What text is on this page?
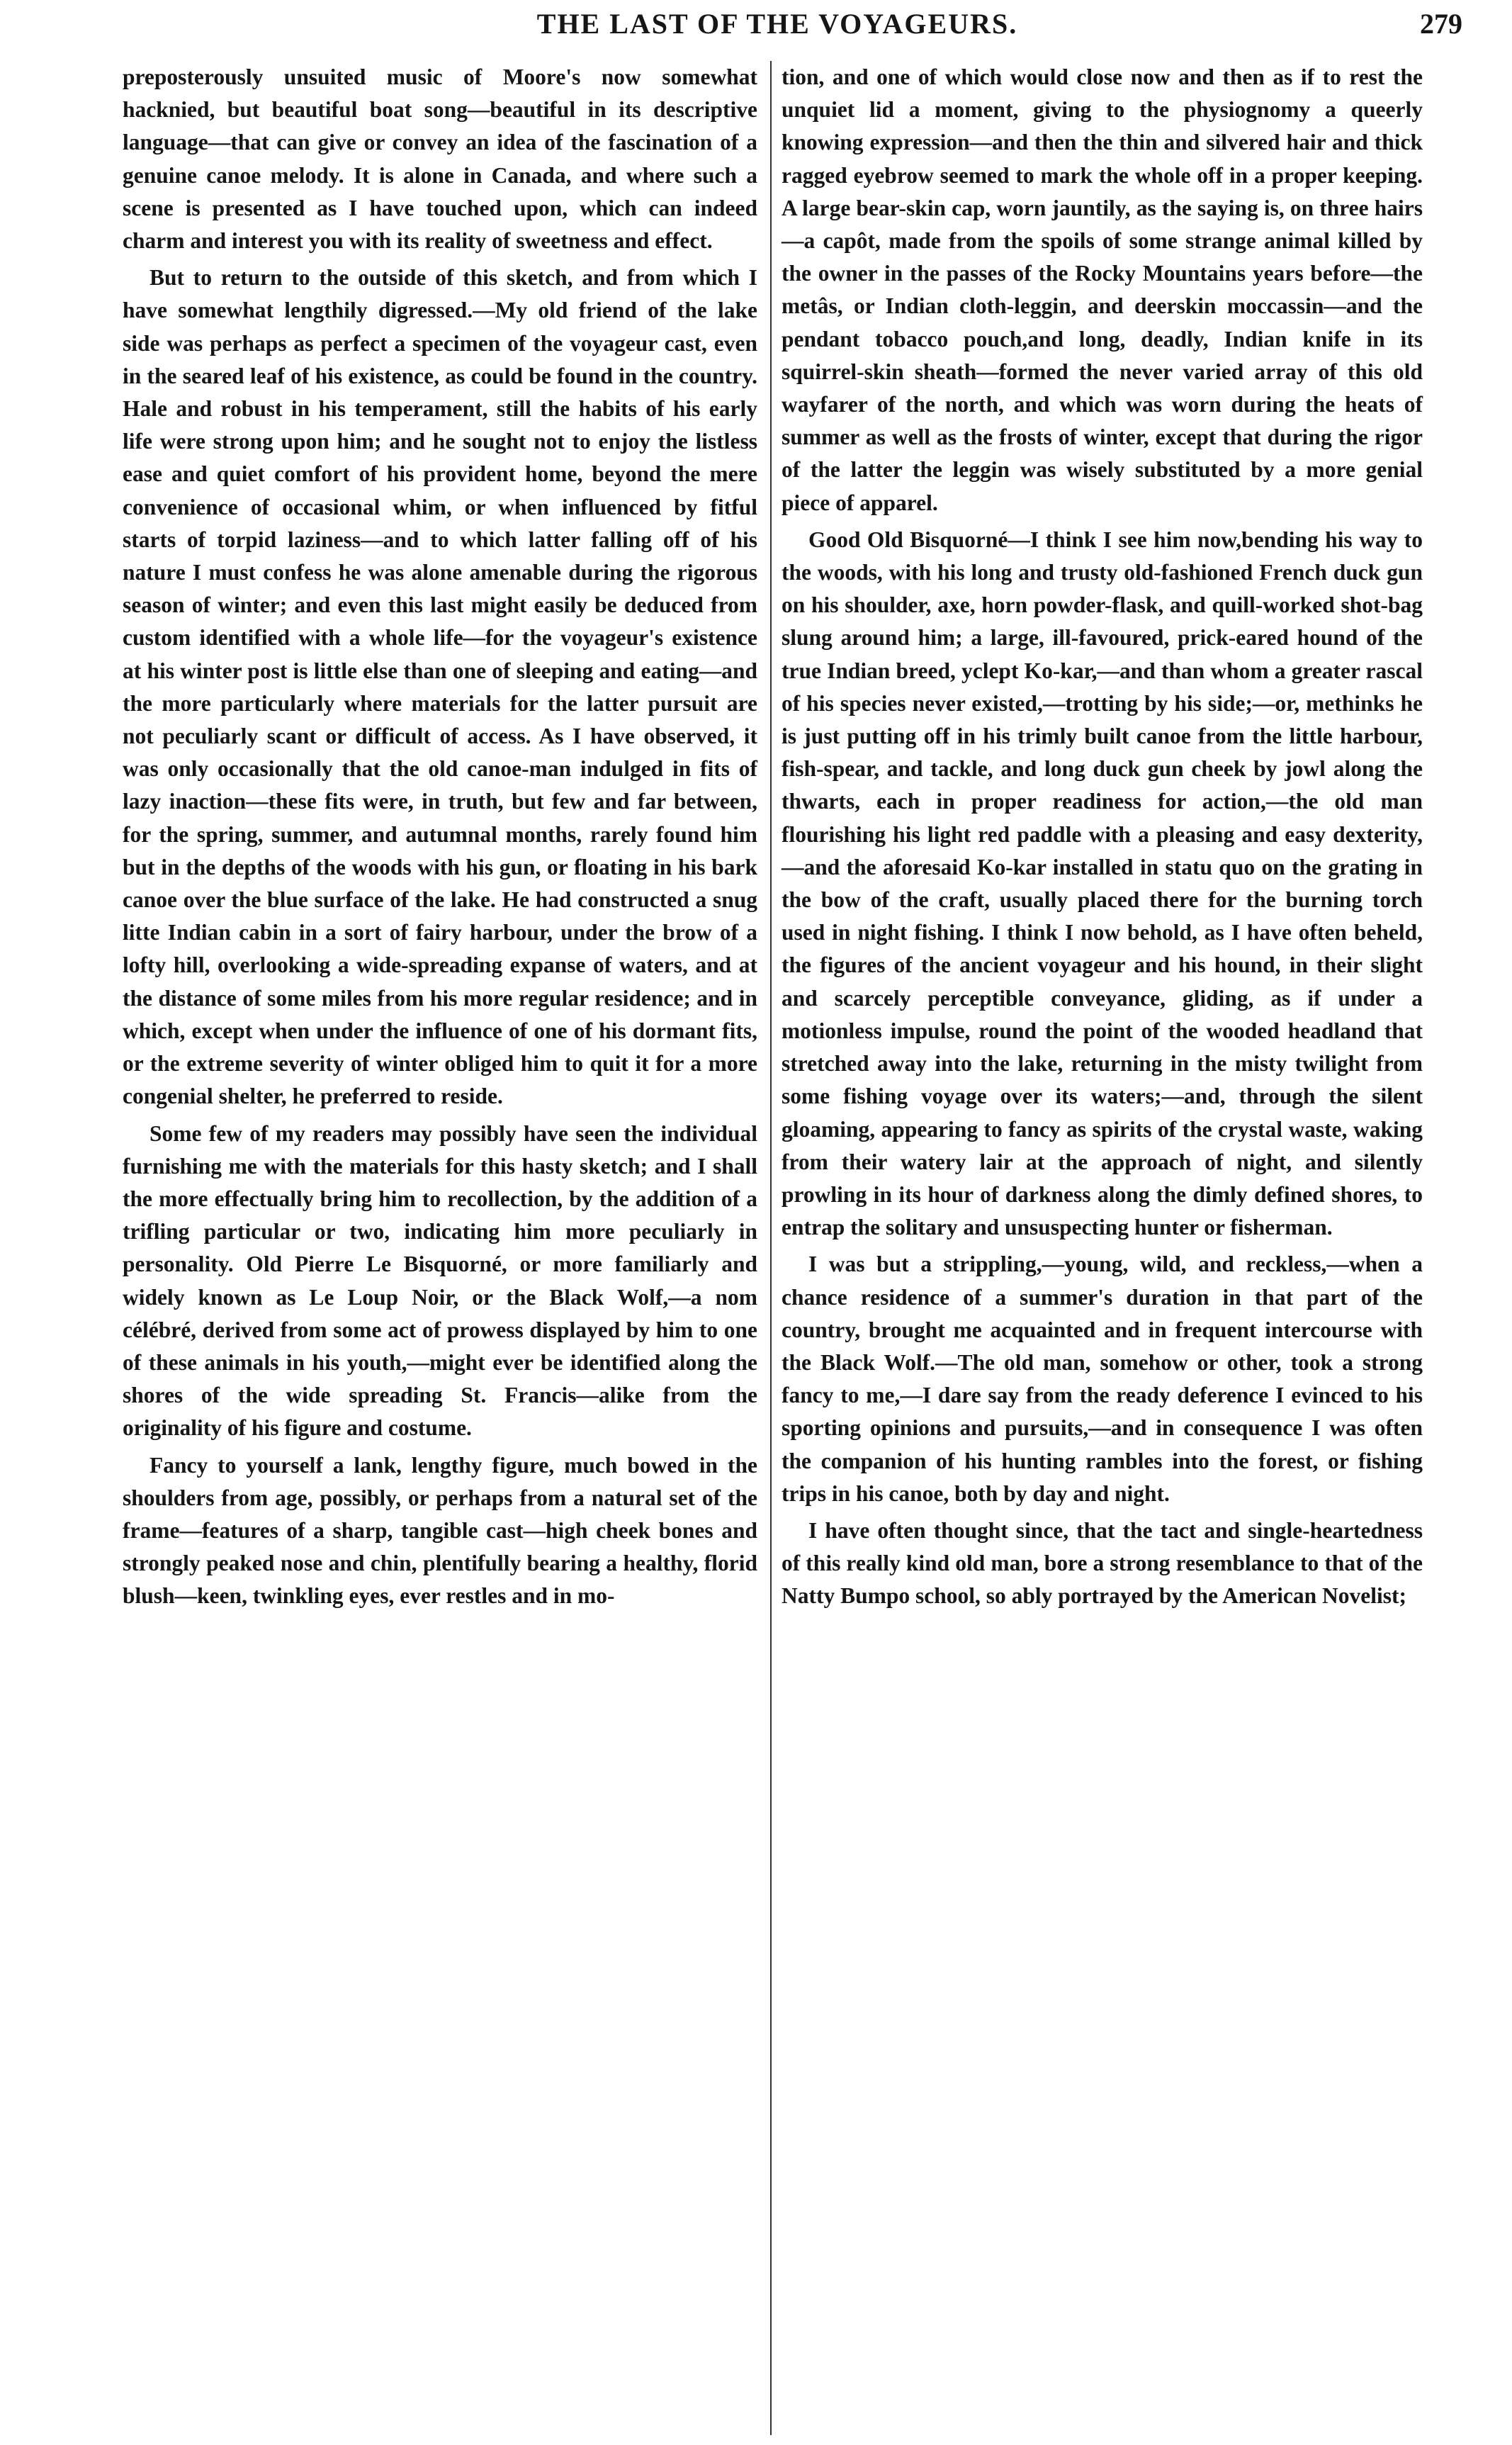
THE LAST OF THE VOYAGEURS.	279

preposterously unsuited music of Moore's now somewhat hacknied, but beautiful boat song—beautiful in its descriptive language—that can give or convey an idea of the fascination of a genuine canoe melody. It is alone in Canada, and where such a scene is presented as I have touched upon, which can indeed charm and interest you with its reality of sweetness and effect.

But to return to the outside of this sketch, and from which I have somewhat lengthily digressed.—My old friend of the lake side was perhaps as perfect a specimen of the voyageur cast, even in the seared leaf of his existence, as could be found in the country. Hale and robust in his temperament, still the habits of his early life were strong upon him; and he sought not to enjoy the listless ease and quiet comfort of his provident home, beyond the mere convenience of occasional whim, or when influenced by fitful starts of torpid laziness—and to which latter falling off of his nature I must confess he was alone amenable during the rigorous season of winter; and even this last might easily be deduced from custom identified with a whole life—for the voyageur's existence at his winter post is little else than one of sleeping and eating—and the more particularly where materials for the latter pursuit are not peculiarly scant or difficult of access. As I have observed, it was only occasionally that the old canoe-man indulged in fits of lazy inaction—these fits were, in truth, but few and far between, for the spring, summer, and autumnal months, rarely found him but in the depths of the woods with his gun, or floating in his bark canoe over the blue surface of the lake. He had constructed a snug litte Indian cabin in a sort of fairy harbour, under the brow of a lofty hill, overlooking a wide-spreading expanse of waters, and at the distance of some miles from his more regular residence; and in which, except when under the influence of one of his dormant fits, or the extreme severity of winter obliged him to quit it for a more congenial shelter, he preferred to reside.

Some few of my readers may possibly have seen the individual furnishing me with the materials for this hasty sketch; and I shall the more effectually bring him to recollection, by the addition of a trifling particular or two, indicating him more peculiarly in personality. Old Pierre Le Bisquorné, or more familiarly and widely known as Le Loup Noir, or the Black Wolf,—a nom célébré, derived from some act of prowess displayed by him to one of these animals in his youth,—might ever be identified along the shores of the wide spreading St. Francis—alike from the originality of his figure and costume.

Fancy to yourself a lank, lengthy figure, much bowed in the shoulders from age, possibly, or perhaps from a natural set of the frame—features of a sharp, tangible cast—high cheek bones and strongly peaked nose and chin, plentifully bearing a healthy, florid blush—keen, twinkling eyes, ever restles and in mo-

tion, and one of which would close now and then as if to rest the unquiet lid a moment, giving to the physiognomy a queerly knowing expression—and then the thin and silvered hair and thick ragged eyebrow seemed to mark the whole off in a proper keeping. A large bear-skin cap, worn jauntily, as the saying is, on three hairs—a capôt, made from the spoils of some strange animal killed by the owner in the passes of the Rocky Mountains years before—the metâs, or Indian cloth-leggin, and deerskin moccassin—and the pendant tobacco pouch,and long, deadly, Indian knife in its squirrel-skin sheath—formed the never varied array of this old wayfarer of the north, and which was worn during the heats of summer as well as the frosts of winter, except that during the rigor of the latter the leggin was wisely substituted by a more genial piece of apparel.

Good Old Bisquorné—I think I see him now,bending his way to the woods, with his long and trusty old-fashioned French duck gun on his shoulder, axe, horn powder-flask, and quill-worked shot-bag slung around him; a large, ill-favoured, prick-eared hound of the true Indian breed, yclept Ko-kar,—and than whom a greater rascal of his species never existed,—trotting by his side;—or, methinks he is just putting off in his trimly built canoe from the little harbour, fish-spear, and tackle, and long duck gun cheek by jowl along the thwarts, each in proper readiness for action,—the old man flourishing his light red paddle with a pleasing and easy dexterity,—and the aforesaid Ko-kar installed in statu quo on the grating in the bow of the craft, usually placed there for the burning torch used in night fishing. I think I now behold, as I have often beheld, the figures of the ancient voyageur and his hound, in their slight and scarcely perceptible conveyance, gliding, as if under a motionless impulse, round the point of the wooded headland that stretched away into the lake, returning in the misty twilight from some fishing voyage over its waters;—and, through the silent gloaming, appearing to fancy as spirits of the crystal waste, waking from their watery lair at the approach of night, and silently prowling in its hour of darkness along the dimly defined shores, to entrap the solitary and unsuspecting hunter or fisherman.

I was but a strippling,—young, wild, and reckless,—when a chance residence of a summer's duration in that part of the country, brought me acquainted and in frequent intercourse with the Black Wolf.—The old man, somehow or other, took a strong fancy to me,—I dare say from the ready deference I evinced to his sporting opinions and pursuits,—and in consequence I was often the companion of his hunting rambles into the forest, or fishing trips in his canoe, both by day and night.

I have often thought since, that the tact and single-heartedness of this really kind old man, bore a strong resemblance to that of the Natty Bumpo school, so ably portrayed by the American Novelist;
